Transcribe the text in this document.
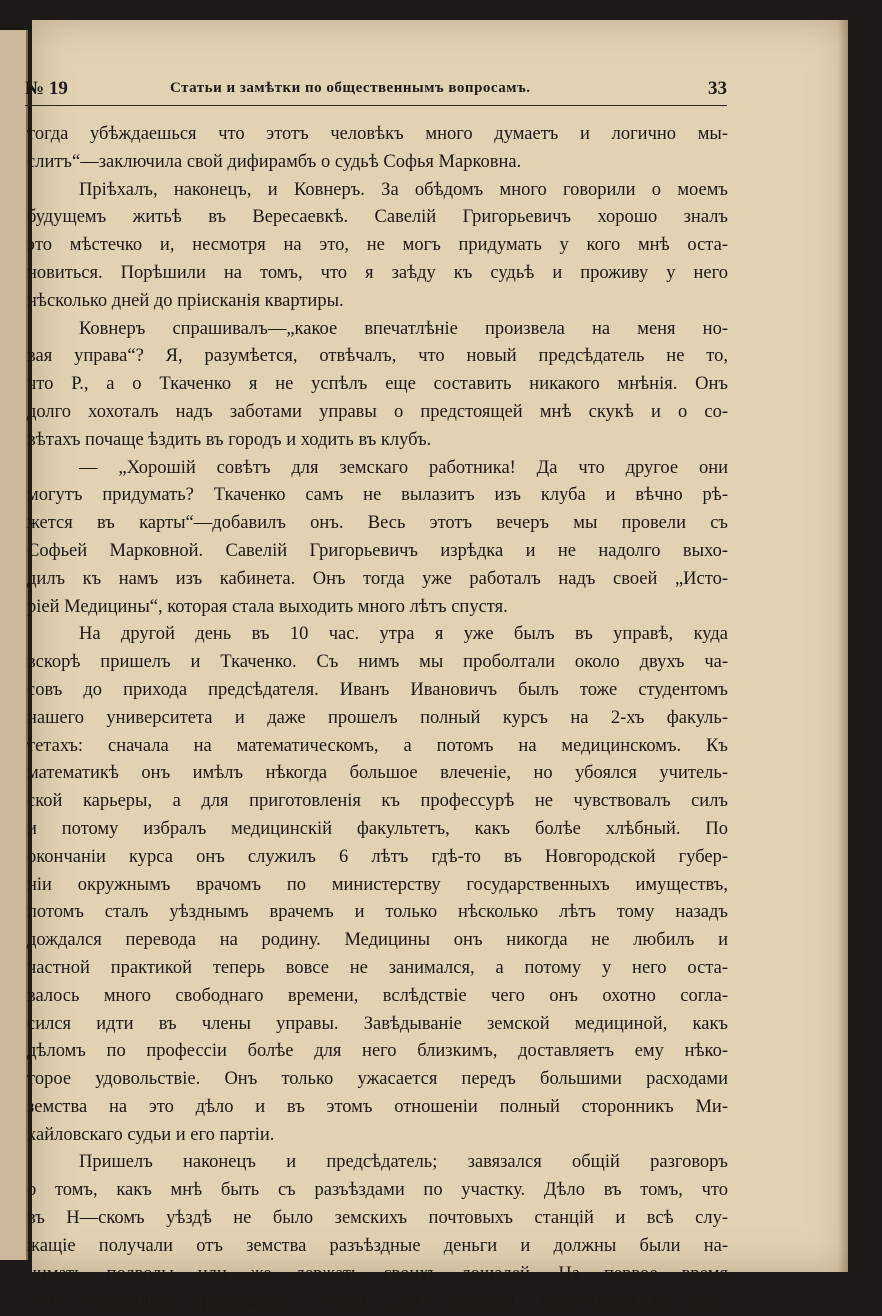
№ 19	Статьи и замѣтки по общественнымъ вопросамъ.	33
тогда убѣждаешься что этотъ человѣкъ много думаетъ и логично мы-
слитъ“—заключила свой дифирамбъ о судьѣ Софья Марковна.
Пріѣхалъ, наконецъ, и Ковнеръ. За обѣдомъ много говорили о моемъ
будущемъ житьѣ въ Вересаевкѣ. Савелій Григорьевичъ хорошо зналъ
это мѣстечко и, несмотря на это, не могъ придумать у кого мнѣ оста-
новиться. Порѣшили на томъ, что я заѣду къ судьѣ и проживу у него
нѣсколько дней до пріисканія квартиры.
Ковнеръ спрашивалъ—„какое впечатлѣніе произвела на меня но-
вая управа“? Я, разумѣется, отвѣчалъ, что новый предсѣдатель не то,
что Р., а о Ткаченко я не успѣлъ еще составить никакого мнѣнія. Онъ
долго хохоталъ надъ заботами управы о предстоящей мнѣ скукѣ и о со-
вѣтахъ почаще ѣздить въ городъ и ходить въ клубъ.
— „Хорошій совѣтъ для земскаго работника! Да что другое они
могутъ придумать? Ткаченко самъ не вылазитъ изъ клуба и вѣчно рѣ-
жется въ карты“—добавилъ онъ. Весь этотъ вечеръ мы провели съ
Софьей Марковной. Савелій Григорьевичъ изрѣдка и не надолго выхо-
дилъ къ намъ изъ кабинета. Онъ тогда уже работалъ надъ своей „Исто-
ріей Медицины“, которая стала выходить много лѣтъ спустя.
На другой день въ 10 час. утра я уже былъ въ управѣ, куда
вскорѣ пришелъ и Ткаченко. Съ нимъ мы проболтали около двухъ ча-
совъ до прихода предсѣдателя. Иванъ Ивановичъ былъ тоже студентомъ
нашего университета и даже прошелъ полный курсъ на 2-хъ факуль-
тетахъ: сначала на математическомъ, а потомъ на медицинскомъ. Къ
математикѣ онъ имѣлъ нѣкогда большое влеченіе, но убоялся учитель-
ской карьеры, а для приготовленія къ профессурѣ не чувствовалъ силъ
и потому избралъ медицинскій факультетъ, какъ болѣе хлѣбный. По
окончаніи курса онъ служилъ 6 лѣтъ гдѣ-то въ Новгородской губер-
ніи окружнымъ врачомъ по министерству государственныхъ имуществъ,
потомъ сталъ уѣзднымъ врачемъ и только нѣсколько лѣтъ тому назадъ
дождался перевода на родину. Медицины онъ никогда не любилъ и
частной практикой теперь вовсе не занимался, а потому у него оста-
валось много свободнаго времени, вслѣдствіе чего онъ охотно согла-
сился идти въ члены управы. Завѣдываніе земской медициной, какъ
дѣломъ по профессіи болѣе для него близкимъ, доставляетъ ему нѣко-
торое удовольствіе. Онъ только ужасается передъ большими расходами
земства на это дѣло и въ этомъ отношеніи полный сторонникъ Ми-
хайловскаго судьи и его партіи.
Пришелъ наконецъ и предсѣдатель; завязался общій разговоръ
о томъ, какъ мнѣ быть съ разъѣздами по участку. Дѣло въ томъ, что
въ Н—скомъ уѣздѣ не было земскихъ почтовыхъ станцій и всѣ слу-
жащіе получали отъ земства разъѣздные деньги и должны были на-
нимать подводы или же держать своихъ лошадей. На первое время
имъ выдавались разъѣздные листы для взиманія обывательскихъ под-
